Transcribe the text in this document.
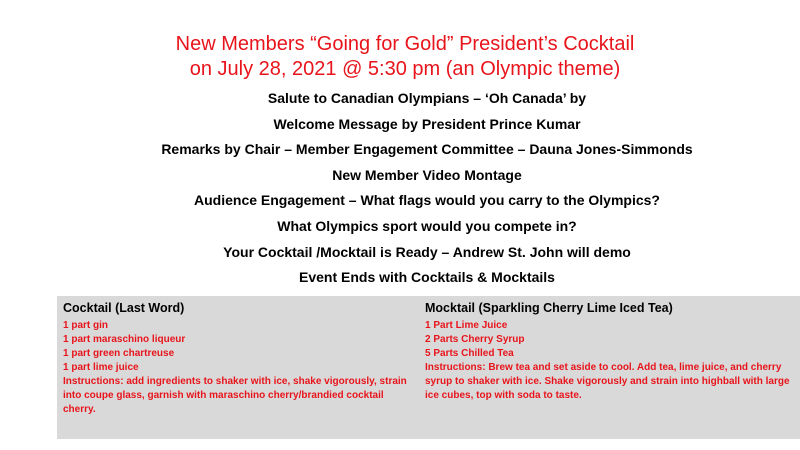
New Members “Going for Gold” President’s Cocktail
on July 28, 2021 @ 5:30 pm (an Olympic theme)
Salute to Canadian Olympians – ‘Oh Canada’ by
Welcome Message by President Prince Kumar
Remarks by Chair – Member Engagement Committee – Dauna Jones-Simmonds
New Member Video Montage
Audience Engagement – What flags would you carry to the Olympics?
What Olympics sport would you compete in?
Your Cocktail /Mocktail is Ready – Andrew St. John will demo
Event Ends with Cocktails & Mocktails
Cocktail (Last Word)
1 part gin
1 part maraschino liqueur
1 part green chartreuse
1 part lime juice
Instructions: add ingredients to shaker with ice, shake vigorously, strain into coupe glass, garnish with maraschino cherry/brandied cocktail cherry.
Mocktail (Sparkling Cherry Lime Iced Tea)
1 Part Lime Juice
2 Parts Cherry Syrup
5 Parts Chilled Tea
Instructions: Brew tea and set aside to cool. Add tea, lime juice, and cherry syrup to shaker with ice. Shake vigorously and strain into highball with large ice cubes, top with soda to taste.
